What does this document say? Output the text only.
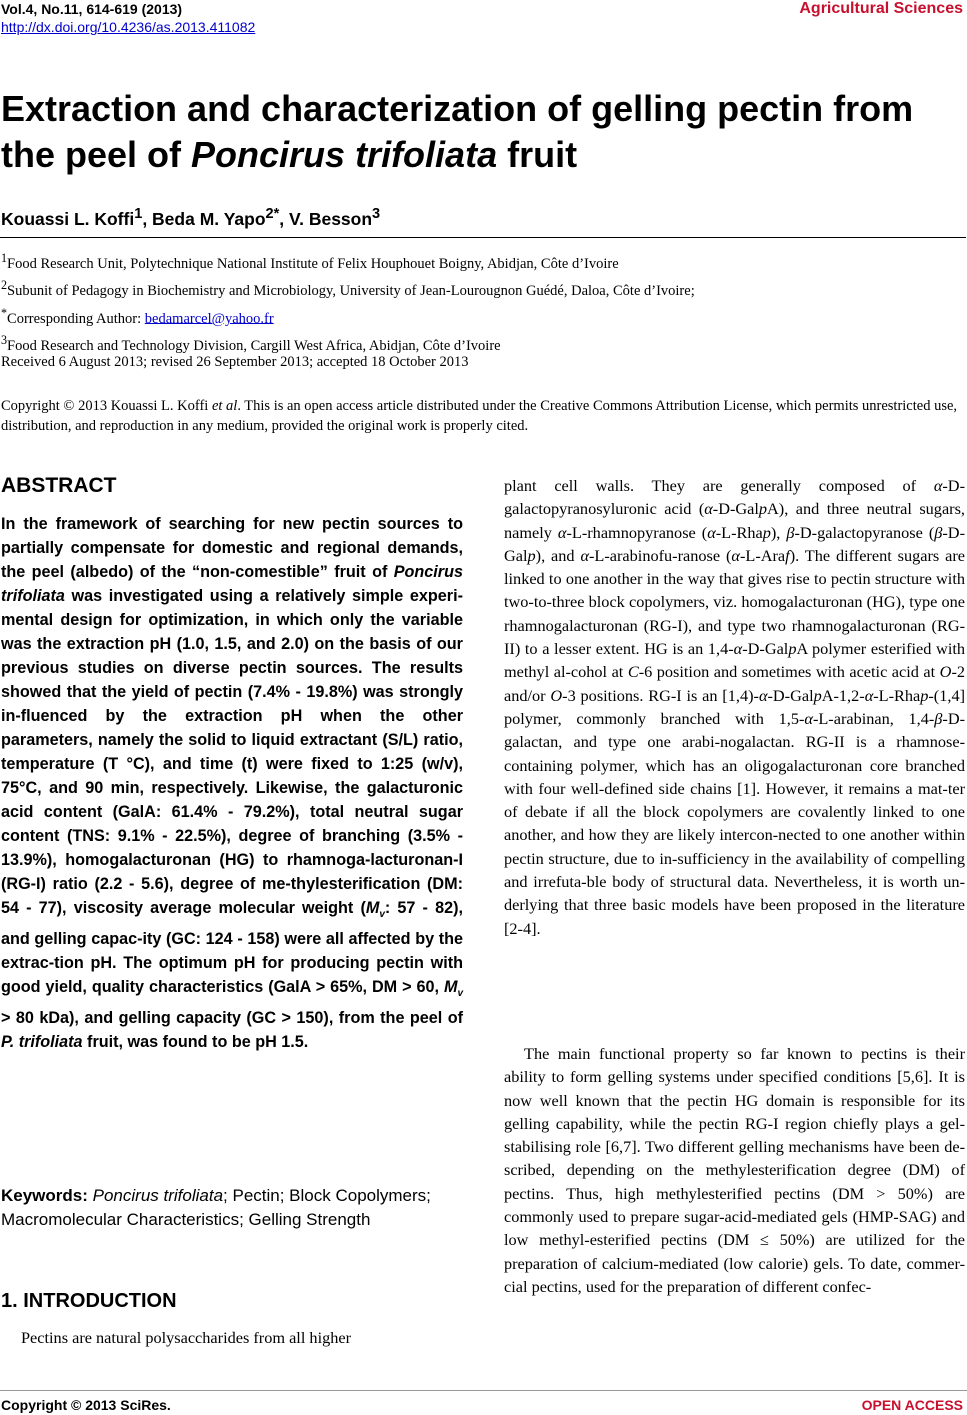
Vol.4, No.11, 614-619 (2013)
http://dx.doi.org/10.4236/as.2013.411082
Agricultural Sciences
Extraction and characterization of gelling pectin from the peel of Poncirus trifoliata fruit
Kouassi L. Koffi$^1$, Beda M. Yapo$^{2*}$, V. Besson$^3$
$^1$Food Research Unit, Polytechnique National Institute of Felix Houphouet Boigny, Abidjan, Côte d’Ivoire
$^2$Subunit of Pedagogy in Biochemistry and Microbiology, University of Jean-Lourougnon Guédé, Daloa, Côte d’Ivoire;
*Corresponding Author: bedamarcel@yahoo.fr
$^3$Food Research and Technology Division, Cargill West Africa, Abidjan, Côte d’Ivoire
Received 6 August 2013; revised 26 September 2013; accepted 18 October 2013
Copyright © 2013 Kouassi L. Koffi et al. This is an open access article distributed under the Creative Commons Attribution License, which permits unrestricted use, distribution, and reproduction in any medium, provided the original work is properly cited.
ABSTRACT

In the framework of searching for new pectin sources to partially compensate for domestic and regional demands, the peel (albedo) of the “non-comestible” fruit of Poncirus trifoliata was investigated using a relatively simple experi-mental design for optimization, in which only the variable was the extraction pH (1.0, 1.5, and 2.0) on the basis of our previous studies on diverse pectin sources. The results showed that the yield of pectin (7.4% - 19.8%) was strongly in-fluenced by the extraction pH when the other parameters, namely the solid to liquid extractant (S/L) ratio, temperature (T °C), and time (t) were fixed to 1:25 (w/v), 75°C, and 90 min, respectively. Likewise, the galacturonic acid content (GalA: 61.4% - 79.2%), total neutral sugar content (TNS: 9.1% - 22.5%), degree of branching (3.5% - 13.9%), homogalacturonan (HG) to rhamnoga-lacturonan-I (RG-I) ratio (2.2 - 5.6), degree of me-thylesterification (DM: 54 - 77), viscosity average molecular weight ($M_v$: 57 - 82), and gelling capac-ity (GC: 124 - 158) were all affected by the extrac-tion pH. The optimum pH for producing pectin with good yield, quality characteristics (GalA > 65%, DM > 60, $M_v > 80$ kDa), and gelling capacity (GC > 150), from the peel of P. trifoliata fruit, was found to be pH 1.5.

Keywords: Poncirus trifoliata; Pectin; Block Copolymers; Macromolecular Characteristics; Gelling Strength

1. INTRODUCTION

Pectins are natural polysaccharides from all higher

plant cell walls. They are generally composed of α-D-galactopyranosyluronic acid (α-D-GalpA), and three neutral sugars, namely α-L-rhamnopyranose (α-L-Rhap), β-D-galactopyranose (β-D-Galp), and α-L-arabinofu-ranose (α-L-Araf). The different sugars are linked to one another in the way that gives rise to pectin structure with two-to-three block copolymers, viz. homogalacturonan (HG), type one rhamnogalacturonan (RG-I), and type two rhamnogalacturonan (RG-II) to a lesser extent. HG is an 1,4-α-D-GalpA polymer esterified with methyl al-cohol at C-6 position and sometimes with acetic acid at O-2 and/or O-3 positions. RG-I is an [1,4)-α-D-GalpA-1,2-α-L-Rhap-(1,4] polymer, commonly branched with 1,5-α-L-arabinan, 1,4-β-D-galactan, and type one arabi-nogalactan. RG-II is a rhamnose-containing polymer, which has an oligogalacturonan core branched with four well-defined side chains [1]. However, it remains a mat-ter of debate if all the block copolymers are covalently linked to one another, and how they are likely intercon-nected to one another within pectin structure, due to in-sufficiency in the availability of compelling and irrefuta-ble body of structural data. Nevertheless, it is worth un-derlying that three basic models have been proposed in the literature [2-4].

The main functional property so far known to pectins is their ability to form gelling systems under specified conditions [5,6]. It is now well known that the pectin HG domain is responsible for its gelling capability, while the pectin RG-I region chiefly plays a gel-stabilising role [6,7]. Two different gelling mechanisms have been de-scribed, depending on the methylesterification degree (DM) of pectins. Thus, high methylesterified pectins (DM > 50%) are commonly used to prepare sugar-acid-mediated gels (HMP-SAG) and low methyl-esterified pectins (DM ≤ 50%) are utilized for the preparation of calcium-mediated (low calorie) gels. To date, commer-cial pectins, used for the preparation of different confec-

Copyright © 2013 SciRes.	OPEN ACCESS
